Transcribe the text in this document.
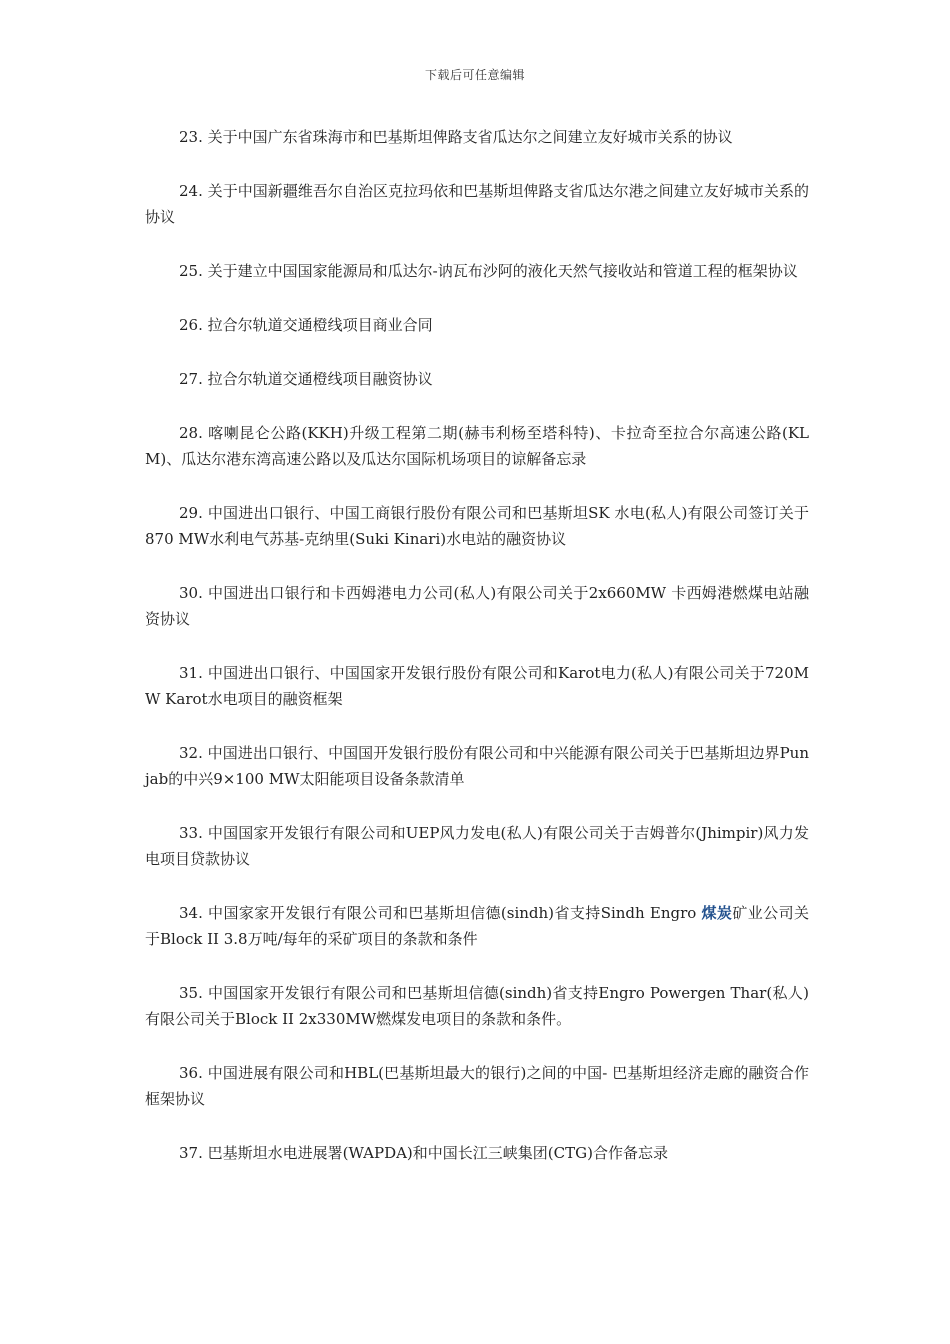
下载后可任意编辑

23. 关于中国广东省珠海市和巴基斯坦俾路支省瓜达尔之间建立友好城市关系的协议

24. 关于中国新疆维吾尔自治区克拉玛依和巴基斯坦俾路支省瓜达尔港之间建立友好城市关系的协议

25. 关于建立中国国家能源局和瓜达尔-讷瓦布沙阿的液化天然气接收站和管道工程的框架协议

26. 拉合尔轨道交通橙线项目商业合同

27. 拉合尔轨道交通橙线项目融资协议

28. 喀喇昆仑公路(KKH)升级工程第二期(赫韦利杨至塔科特)、卡拉奇至拉合尔高速公路(KLM)、瓜达尔港东湾高速公路以及瓜达尔国际机场项目的谅解备忘录

29. 中国进出口银行、中国工商银行股份有限公司和巴基斯坦SK 水电(私人)有限公司签订关于870 MW水利电气苏基-克纳里(Suki Kinari)水电站的融资协议

30. 中国进出口银行和卡西姆港电力公司(私人)有限公司关于2x660MW 卡西姆港燃煤电站融资协议

31. 中国进出口银行、中国国家开发银行股份有限公司和Karot电力(私人)有限公司关于720MW Karot水电项目的融资框架

32. 中国进出口银行、中国国开发银行股份有限公司和中兴能源有限公司关于巴基斯坦边界Punjab的中兴9×100 MW太阳能项目设备条款清单

33. 中国国家开发银行有限公司和UEP风力发电(私人)有限公司关于吉姆普尔(Jhimpir)风力发电项目贷款协议

34. 中国家家开发银行有限公司和巴基斯坦信德(sindh)省支持Sindh Engro 煤炭矿业公司关于Block II 3.8万吨/每年的采矿项目的条款和条件

35. 中国国家开发银行有限公司和巴基斯坦信德(sindh)省支持Engro Powergen Thar(私人)有限公司关于Block II 2x330MW燃煤发电项目的条款和条件。

36. 中国进展有限公司和HBL(巴基斯坦最大的银行)之间的中国- 巴基斯坦经济走廊的融资合作框架协议

37. 巴基斯坦水电进展署(WAPDA)和中国长江三峡集团(CTG)合作备忘录
